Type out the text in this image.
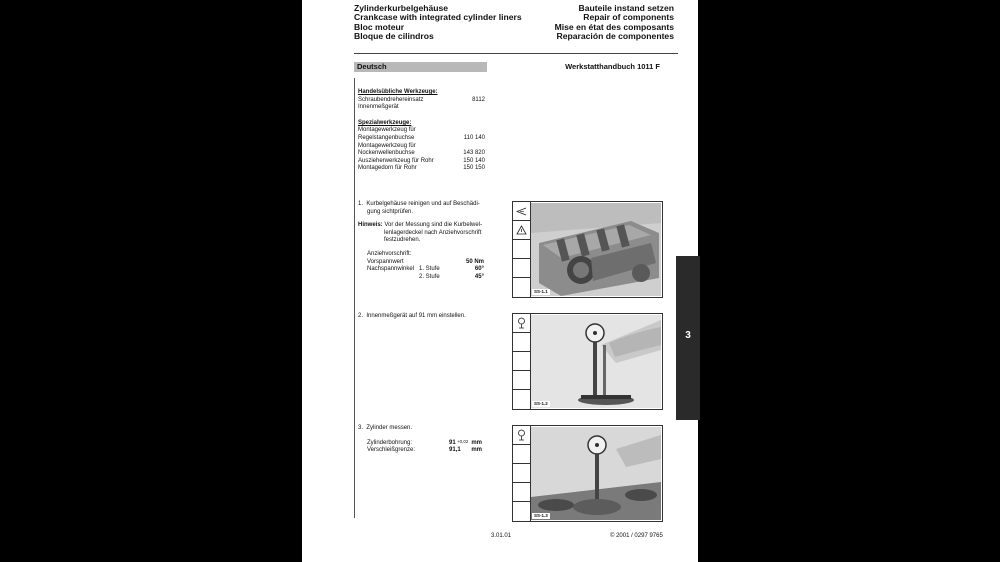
Zylinderkurbelgehäuse
Crankcase with integrated cylinder liners
Bloc moteur
Bloque de cilindros
Bauteile instand setzen
Repair of components
Mise en état des composants
Reparación de componentes
Deutsch	Werkstatthandbuch 1011 F
Handelsübliche Werkzeuge:
Schraubendrehereinsatz	8112
Innenmeßgerät
Spezialwerkzeuge:
Montagewerkzeug für
Regelstangenbuchse	110 140
Montagewerkzeug für
Nockenwellenbuchse	143 820
Auszieherwerkzeug für Rohr	150 140
Montagedorn für Rohr	150 150
1. Kurbelgehäuse reinigen und auf Beschädi-
gung sichtprüfen.
Hinweis: Vor der Messung sind die Kurbelwel-
lenlagerdeckel nach Anziehvorschrift
festzudrehen.
Anziehvorschrift:
Vorspannwert	50 Nm
Nachspannwinkel 1. Stufe	60°
2. Stufe	45°
2. Innenmeßgerät auf 91 mm einstellen.
3. Zylinder messen.
Zylinderbohrung:	91 +0,02 mm
Verschleißgrenze:	91,1 mm
SS-1.1
SS-1.2
SS-1.3
3.01.01	© 2001 / 0297 9765
3
